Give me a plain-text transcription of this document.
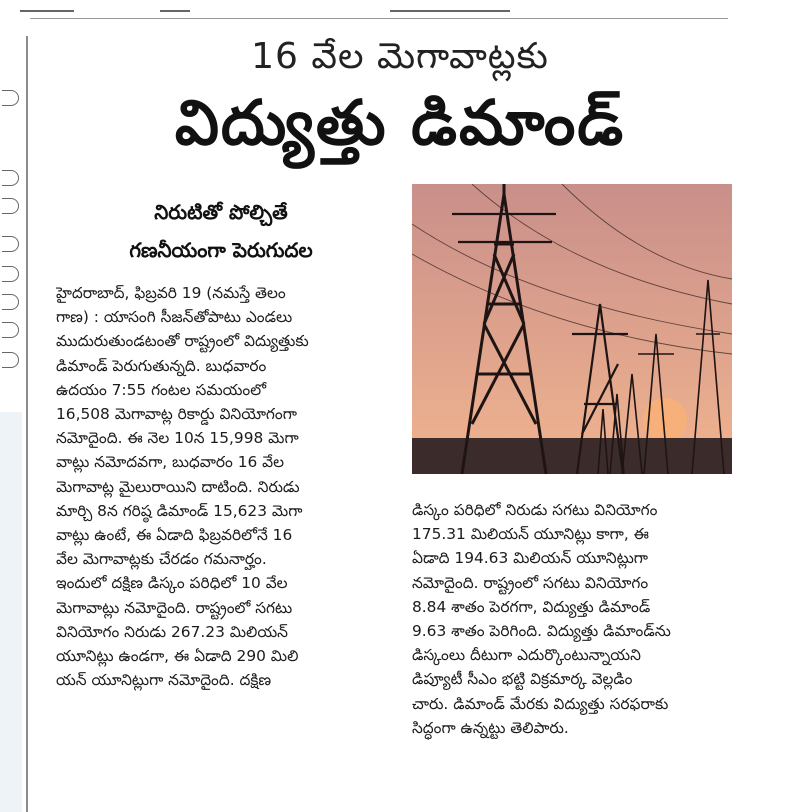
16 వేల మెగావాట్లకు
విద్యుత్తు డిమాండ్
నిరుటితో పోల్చితే
గణనీయంగా పెరుగుదల
హైదరాబాద్, ఫిబ్రవరి 19 (నమస్తే తెలం
గాణ) : యాసంగి సీజన్‌తోపాటు ఎండలు
ముదురుతుండటంతో రాష్ట్రంలో విద్యుత్తుకు
డిమాండ్ పెరుగుతున్నది. బుధవారం
ఉదయం 7:55 గంటల సమయంలో
16,508 మెగావాట్ల రికార్డు వినియోగంగా
నమోదైంది. ఈ నెల 10న 15,998 మెగా
వాట్లు నమోదవగా, బుధవారం 16 వేల
మెగావాట్ల మైలురాయిని దాటింది. నిరుడు
మార్చి 8న గరిష్ఠ డిమాండ్ 15,623 మెగా
వాట్లు ఉంటే, ఈ ఏడాది ఫిబ్రవరిలోనే 16
వేల మెగావాట్లకు చేరడం గమనార్హం.
ఇందులో దక్షిణ డిస్కం పరిధిలో 10 వేల
మెగావాట్లు నమోదైంది. రాష్ట్రంలో సగటు
వినియోగం నిరుడు 267.23 మిలియన్
యూనిట్లు ఉండగా, ఈ ఏడాది 290 మిలి
యన్ యూనిట్లుగా నమోదైంది. దక్షిణ
డిస్కం పరిధిలో నిరుడు సగటు వినియోగం
175.31 మిలియన్ యూనిట్లు కాగా, ఈ
ఏడాది 194.63 మిలియన్ యూనిట్లుగా
నమోదైంది. రాష్ట్రంలో సగటు వినియోగం
8.84 శాతం పెరగగా, విద్యుత్తు డిమాండ్
9.63 శాతం పెరిగింది. విద్యుత్తు డిమాండ్‌ను
డిస్కంలు దీటుగా ఎదుర్కొంటున్నాయని
డిప్యూటీ సీఎం భట్టి విక్రమార్క వెల్లడిం
చారు. డిమాండ్ మేరకు విద్యుత్తు సరఫరాకు
సిద్ధంగా ఉన్నట్టు తెలిపారు.
